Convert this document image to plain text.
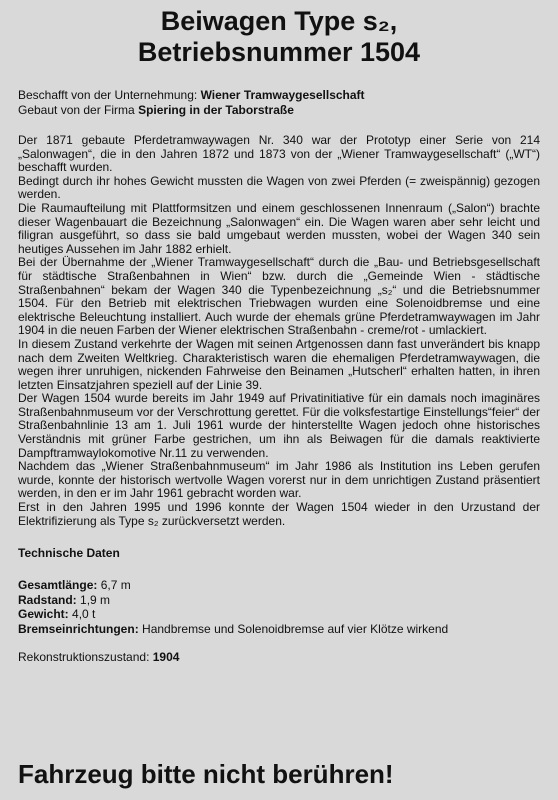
Beiwagen Type s₂,
Betriebsnummer 1504
Beschafft von der Unternehmung: Wiener Tramwaygesellschaft
Gebaut von der Firma Spiering in der Taborstraße

Der 1871 gebaute Pferdetramwaywagen Nr. 340 war der Prototyp einer Serie von 214 „Salonwagen“, die in den Jahren 1872 und 1873 von der „Wiener Tramwaygesellschaft“ („WT“) beschafft wurden.

Bedingt durch ihr hohes Gewicht mussten die Wagen von zwei Pferden (= zweispännig) gezogen werden.

Die Raumaufteilung mit Plattformsitzen und einem geschlossenen Innenraum („Salon“) brachte dieser Wagenbauart die Bezeichnung „Salonwagen“ ein. Die Wagen waren aber sehr leicht und filigran ausgeführt, so dass sie bald umgebaut werden mussten, wobei der Wagen 340 sein heutiges Aussehen im Jahr 1882 erhielt.

Bei der Übernahme der „Wiener Tramwaygesellschaft“ durch die „Bau- und Betriebsgesellschaft für städtische Straßenbahnen in Wien“ bzw. durch die „Gemeinde Wien - städtische Straßenbahnen“ bekam der Wagen 340 die Typenbezeichnung „s₂“ und die Betriebsnummer 1504. Für den Betrieb mit elektrischen Triebwagen wurden eine Solenoidbremse und eine elektrische Beleuchtung installiert. Auch wurde der ehemals grüne Pferdetramwaywagen im Jahr 1904 in die neuen Farben der Wiener elektrischen Straßenbahn - creme/rot - umlackiert.

In diesem Zustand verkehrte der Wagen mit seinen Artgenossen dann fast unverändert bis knapp nach dem Zweiten Weltkrieg. Charakteristisch waren die ehemaligen Pferdetramwaywagen, die wegen ihrer unruhigen, nickenden Fahrweise den Beinamen „Hutscherl“ erhalten hatten, in ihren letzten Einsatzjahren speziell auf der Linie 39.

Der Wagen 1504 wurde bereits im Jahr 1949 auf Privatinitiative für ein damals noch imaginäres Straßenbahnmuseum vor der Verschrottung gerettet. Für die volksfestartige Einstellungs“feier“ der Straßenbahnlinie 13 am 1. Juli 1961 wurde der hinterstellte Wagen jedoch ohne historisches Verständnis mit grüner Farbe gestrichen, um ihn als Beiwagen für die damals reaktivierte Dampftramwaylokomotive Nr.11 zu verwenden.

Nachdem das „Wiener Straßenbahnmuseum“ im Jahr 1986 als Institution ins Leben gerufen wurde, konnte der historisch wertvolle Wagen vorerst nur in dem unrichtigen Zustand präsentiert werden, in den er im Jahr 1961 gebracht worden war.

Erst in den Jahren 1995 und 1996 konnte der Wagen 1504 wieder in den Urzustand der Elektrifizierung als Type s₂ zurückversetzt werden.

Technische Daten
Gesamtlänge: 6,7 m
Radstand: 1,9 m
Gewicht: 4,0 t
Bremseinrichtungen: Handbremse und Solenoidbremse auf vier Klötze wirkend
Rekonstruktionszustand: 1904
Fahrzeug bitte nicht berühren!
